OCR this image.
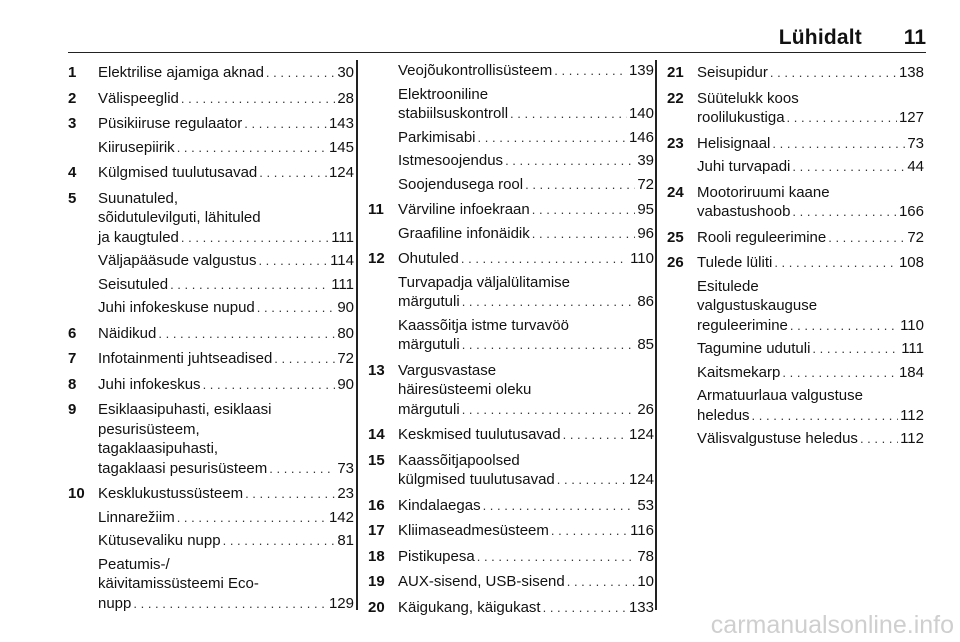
Lühidalt 11
1	Elektrilise ajamiga aknad . . .	30
2	Välispeeglid . . .	28
3	Püsikiiruse regulaator . . .	143
Kiirusepiirik . . .	145
4	Külgmised tuulutusavad . . .	124
5	Suunatuled,
sõidutulevilguti, lähituled
ja kaugtuled . . .	111
Väljapääsude valgustus . . .	114
Seisutuled . . .	111
Juhi infokeskuse nupud . . .	90
6	Näidikud . . .	80
7	Infotainmenti juhtseadised . . .	72
8	Juhi infokeskus . . .	90
9	Esiklaasipuhasti, esiklaasi
pesurisüsteem,
tagaklaasipuhasti,
tagaklaasi pesurisüsteem . . .	73
10 Kesklukustussüsteem . . .	23
Linnarežiim . . .	142
Kütusevaliku nupp . . .	81
Peatumis-/
käivitamissüsteemi Eco-
nupp . . .	129
Veojõukontrollisüsteem . . .	139
Elektrooniline
stabiilsuskontroll . . .	140
Parkimisabi . . .	146
Istmesoojendus . . .	39
Soojendusega rool . . .	72
11 Värviline infoekraan . . .	95
Graafiline infonäidik . . .	96
12 Ohutuled . . .	110
Turvapadja väljalülitamise
märgutuli . . .	86
Kaassõitja istme turvavöö
märgutuli . . .	85
13 Vargusvastase
häiresüsteemi oleku
märgutuli . . .	26
14 Keskmised tuulutusavad . . .	124
15 Kaassõitjapoolsed
külgmised tuulutusavad . . .	124
16 Kindalaegas . . .	53
17 Kliimaseadmesüsteem . . .	116
18 Pistikupesa . . .	78
19 AUX-sisend, USB-sisend . . .	10
20 Käigukang, käigukast . . .	133
21 Seisupidur . . .	138
22 Süütelukk koos
roolilukustiga . . .	127
23 Helisignaal . . .	73
Juhi turvapadi . . .	44
24 Mootoriruumi kaane
vabastushoob . . .	166
25 Rooli reguleerimine . . .	72
26 Tulede lüliti . . .	108
Esitulede
valgustuskauguse
reguleerimine . . .	110
Tagumine udutuli . . .	111
Kaitsmekarp . . .	184
Armatuurlaua valgustuse
heledus . . .	112
Välisvalgustuse heledus . . .	112
carmanualsonline.info
